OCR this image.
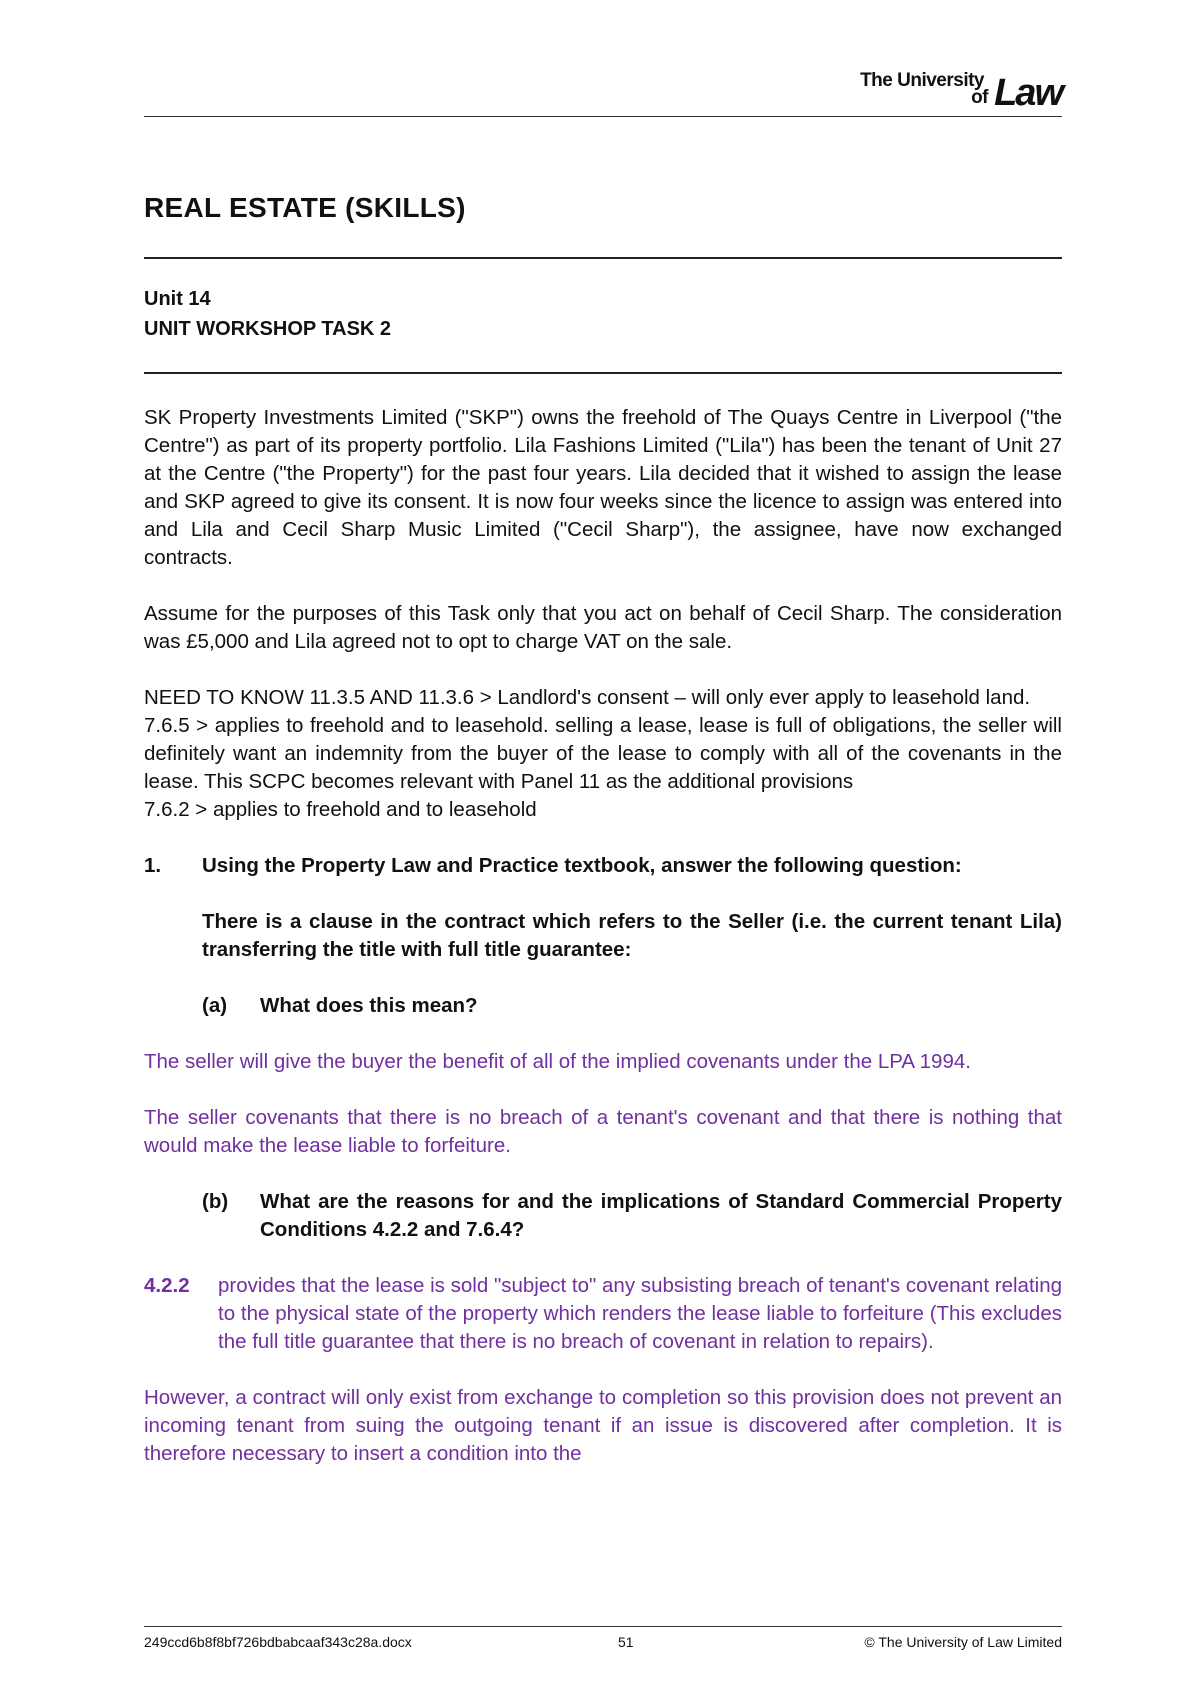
The University
of Law
REAL ESTATE (SKILLS)
Unit 14
UNIT WORKSHOP TASK 2

SK Property Investments Limited ("SKP") owns the freehold of The Quays Centre in Liverpool ("the Centre") as part of its property portfolio. Lila Fashions Limited ("Lila") has been the tenant of Unit 27 at the Centre ("the Property") for the past four years. Lila decided that it wished to assign the lease and SKP agreed to give its consent. It is now four weeks since the licence to assign was entered into and Lila and Cecil Sharp Music Limited ("Cecil Sharp"), the assignee, have now exchanged contracts.

Assume for the purposes of this Task only that you act on behalf of Cecil Sharp. The consideration was £5,000 and Lila agreed not to opt to charge VAT on the sale.

NEED TO KNOW 11.3.5 AND 11.3.6 > Landlord's consent – will only ever apply to leasehold land.

7.6.5 > applies to freehold and to leasehold. selling a lease, lease is full of obligations, the seller will definitely want an indemnity from the buyer of the lease to comply with all of the covenants in the lease. This SCPC becomes relevant with Panel 11 as the additional provisions

7.6.2 > applies to freehold and to leasehold

1.	Using the Property Law and Practice textbook, answer the following question:
There is a clause in the contract which refers to the Seller (i.e. the current tenant Lila) transferring the title with full title guarantee:
(a)	What does this mean?

The seller will give the buyer the benefit of all of the implied covenants under the LPA 1994.

The seller covenants that there is no breach of a tenant's covenant and that there is nothing that would make the lease liable to forfeiture.

(b)	What are the reasons for and the implications of Standard Commercial Property Conditions 4.2.2 and 7.6.4?
4.2.2	provides that the lease is sold "subject to" any subsisting breach of tenant's covenant relating to the physical state of the property which renders the lease liable to forfeiture (This excludes the full title guarantee that there is no breach of covenant in relation to repairs).

However, a contract will only exist from exchange to completion so this provision does not prevent an incoming tenant from suing the outgoing tenant if an issue is discovered after completion. It is therefore necessary to insert a condition into the

249ccd6b8f8bf726bdbabcaaf343c28a.docx	51	© The University of Law Limited
